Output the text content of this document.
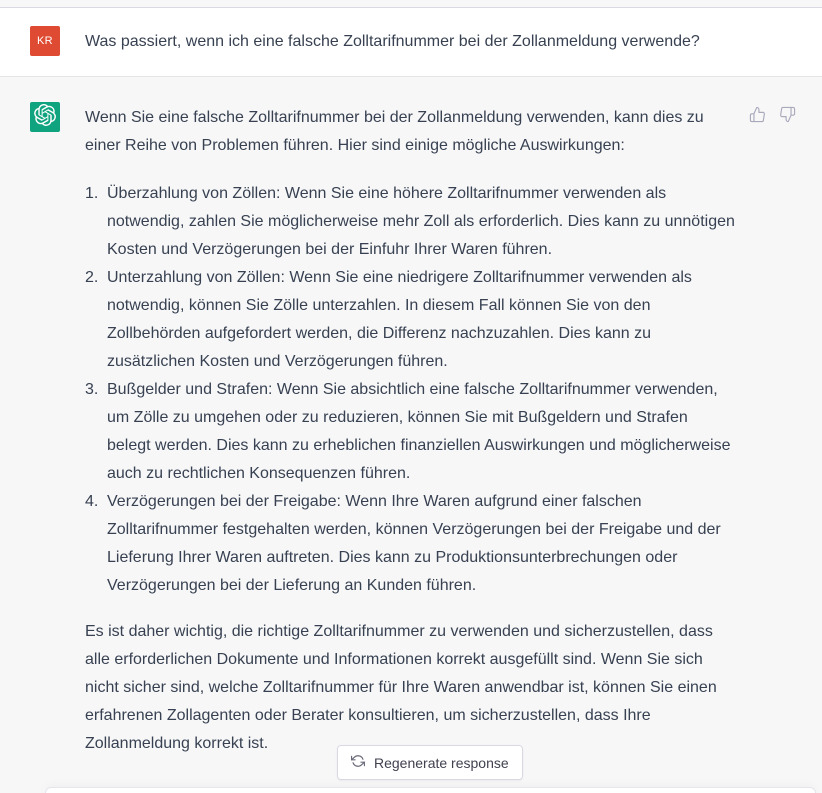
KR	Was passiert, wenn ich eine falsche Zolltarifnummer bei der Zollanmeldung verwende?

Wenn Sie eine falsche Zolltarifnummer bei der Zollanmeldung verwenden, kann dies zu einer Reihe von Problemen führen. Hier sind einige mögliche Auswirkungen:

1. Überzahlung von Zöllen: Wenn Sie eine höhere Zolltarifnummer verwenden als notwendig, zahlen Sie möglicherweise mehr Zoll als erforderlich. Dies kann zu unnötigen Kosten und Verzögerungen bei der Einfuhr Ihrer Waren führen.
2. Unterzahlung von Zöllen: Wenn Sie eine niedrigere Zolltarifnummer verwenden als notwendig, können Sie Zölle unterzahlen. In diesem Fall können Sie von den Zollbehörden aufgefordert werden, die Differenz nachzuzahlen. Dies kann zu zusätzlichen Kosten und Verzögerungen führen.
3. Bußgelder und Strafen: Wenn Sie absichtlich eine falsche Zolltarifnummer verwenden, um Zölle zu umgehen oder zu reduzieren, können Sie mit Bußgeldern und Strafen belegt werden. Dies kann zu erheblichen finanziellen Auswirkungen und möglicherweise auch zu rechtlichen Konsequenzen führen.
4. Verzögerungen bei der Freigabe: Wenn Ihre Waren aufgrund einer falschen Zolltarifnummer festgehalten werden, können Verzögerungen bei der Freigabe und der Lieferung Ihrer Waren auftreten. Dies kann zu Produktionsunterbrechungen oder Verzögerungen bei der Lieferung an Kunden führen.

Es ist daher wichtig, die richtige Zolltarifnummer zu verwenden und sicherzustellen, dass alle erforderlichen Dokumente und Informationen korrekt ausgefüllt sind. Wenn Sie sich nicht sicher sind, welche Zolltarifnummer für Ihre Waren anwendbar ist, können Sie einen erfahrenen Zollagenten oder Berater konsultieren, um sicherzustellen, dass Ihre Zollanmeldung korrekt ist.

Regenerate response
